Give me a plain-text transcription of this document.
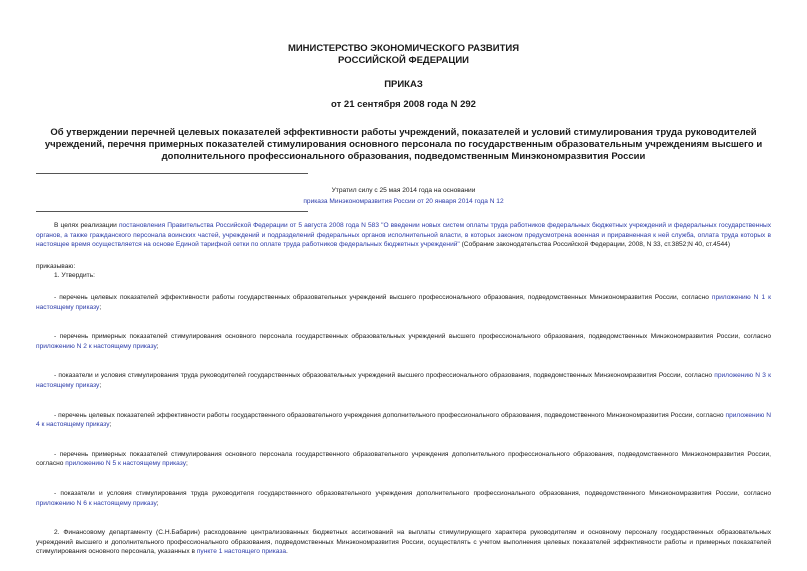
МИНИСТЕРСТВО ЭКОНОМИЧЕСКОГО РАЗВИТИЯ
РОССИЙСКОЙ ФЕДЕРАЦИИ
ПРИКАЗ
от 21 сентября 2008 года N 292
Об утверждении перечней целевых показателей эффективности работы учреждений, показателей и условий стимулирования труда руководителей учреждений, перечня примерных показателей стимулирования основного персонала по государственным образовательным учреждениям высшего и дополнительного профессионального образования, подведомственным Минэкономразвития России
Утратил силу с 25 мая 2014 года на основании
приказа Минэкономразвития России от 20 января 2014 года N 12

В целях реализации постановления Правительства Российской Федерации от 5 августа 2008 года N 583 "О введении новых систем оплаты труда работников федеральных бюджетных учреждений и федеральных государственных органов, а также гражданского персонала воинских частей, учреждений и подразделений федеральных органов исполнительной власти, в которых законом предусмотрена военная и приравненная к ней служба, оплата труда которых в настоящее время осуществляется на основе Единой тарифной сетки по оплате труда работников федеральных бюджетных учреждений" (Собрание законодательства Российской Федерации, 2008, N 33, ст.3852;N 40, ст.4544)

приказываю:

1. Утвердить:

- перечень целевых показателей эффективности работы государственных образовательных учреждений высшего профессионального образования, подведомственных Минэкономразвития России, согласно приложению N 1 к настоящему приказу;

- перечень примерных показателей стимулирования основного персонала государственных образовательных учреждений высшего профессионального образования, подведомственных Минэкономразвития России, согласно приложению N 2 к настоящему приказу;

- показатели и условия стимулирования труда руководителей государственных образовательных учреждений высшего профессионального образования, подведомственных Минэкономразвития России, согласно приложению N 3 к настоящему приказу;

- перечень целевых показателей эффективности работы государственного образовательного учреждения дополнительного профессионального образования, подведомственного Минэкономразвития России, согласно приложению N 4 к настоящему приказу;

- перечень примерных показателей стимулирования основного персонала государственного образовательного учреждения дополнительного профессионального образования, подведомственного Минэкономразвития России, согласно приложению N 5 к настоящему приказу;

- показатели и условия стимулирования труда руководителя государственного образовательного учреждения дополнительного профессионального образования, подведомственного Минэкономразвития России, согласно приложению N 6 к настоящему приказу;

2. Финансовому департаменту (С.Н.Бабарин) расходование централизованных бюджетных ассигнований на выплаты стимулирующего характера руководителям и основному персоналу государственных образовательных учреждений высшего и дополнительного профессионального образования, подведомственных Минэкономразвития России, осуществлять с учетом выполнения целевых показателей эффективности работы и примерных показателей стимулирования основного персонала, указанных в пункте 1 настоящего приказа.
